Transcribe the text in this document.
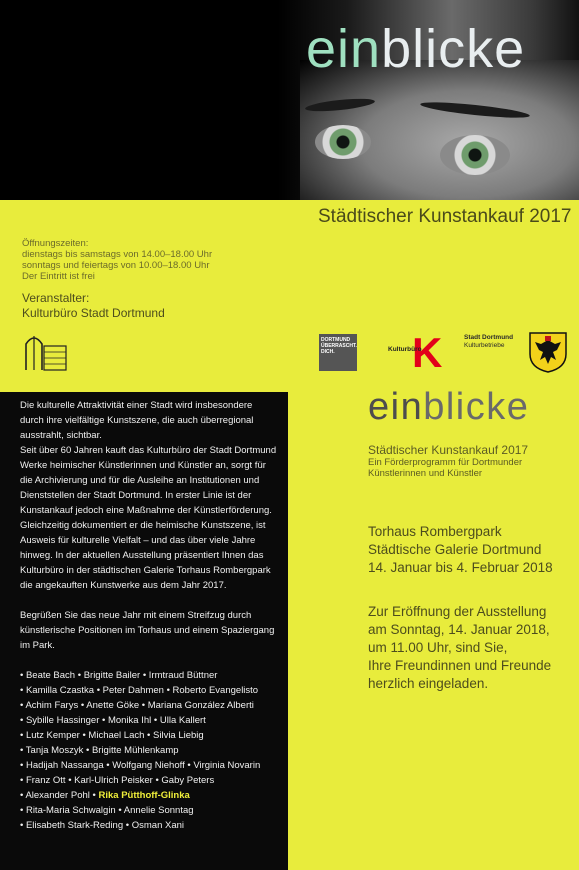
einblicke
Städtischer Kunstankauf 2017
Öffnungszeiten:
dienstags bis samstags von 14.00–18.00 Uhr
sonntags und feiertags von 10.00–18.00 Uhr
Der Eintritt ist frei
Veranstalter:
Kulturbüro Stadt Dortmund
DORTMUND ÜBERRASCHT. DICH.	K
Kulturbüro
Stadt Dortmund
Kulturbetriebe

Die kulturelle Attraktivität einer Stadt wird insbesondere durch ihre vielfältige Kunstszene, die auch überregional ausstrahlt, sichtbar.

Seit über 60 Jahren kauft das Kulturbüro der Stadt Dortmund Werke heimischer Künstlerinnen und Künstler an, sorgt für die Archivierung und für die Ausleihe an Institutionen und Dienststellen der Stadt Dortmund. In erster Linie ist der Kunstankauf jedoch eine Maßnahme der Künstlerförderung.

Gleichzeitig dokumentiert er die heimische Kunstszene, ist Ausweis für kulturelle Vielfalt – und das über viele Jahre hinweg. In der aktuellen Ausstellung präsentiert Ihnen das Kulturbüro in der städtischen Galerie Torhaus Rombergpark die angekauften Kunstwerke aus dem Jahr 2017.

Begrüßen Sie das neue Jahr mit einem Streifzug durch künstlerische Positionen im Torhaus und einem Spaziergang im Park.

• Beate Bach • Brigitte Bailer • Irmtraud Büttner
• Kamilla Czastka • Peter Dahmen • Roberto Evangelisto
• Achim Farys • Anette Göke • Mariana González Alberti
• Sybille Hassinger • Monika Ihl • Ulla Kallert
• Lutz Kemper • Michael Lach • Silvia Liebig
• Tanja Moszyk • Brigitte Mühlenkamp
• Hadijah Nassanga • Wolfgang Niehoff • Virginia Novarin
• Franz Ott • Karl-Ulrich Peisker • Gaby Peters
• Alexander Pohl • Rika Pütthoff-Glinka
• Rita-Maria Schwalgin • Annelie Sonntag
• Elisabeth Stark-Reding • Osman Xani
einblicke
Städtischer Kunstankauf 2017
Ein Förderprogramm für Dortmunder
Künstlerinnen und Künstler
Torhaus Rombergpark
Städtische Galerie Dortmund
14. Januar bis 4. Februar 2018
Zur Eröffnung der Ausstellung
am Sonntag, 14. Januar 2018,
um 11.00 Uhr, sind Sie,
Ihre Freundinnen und Freunde
herzlich eingeladen.
